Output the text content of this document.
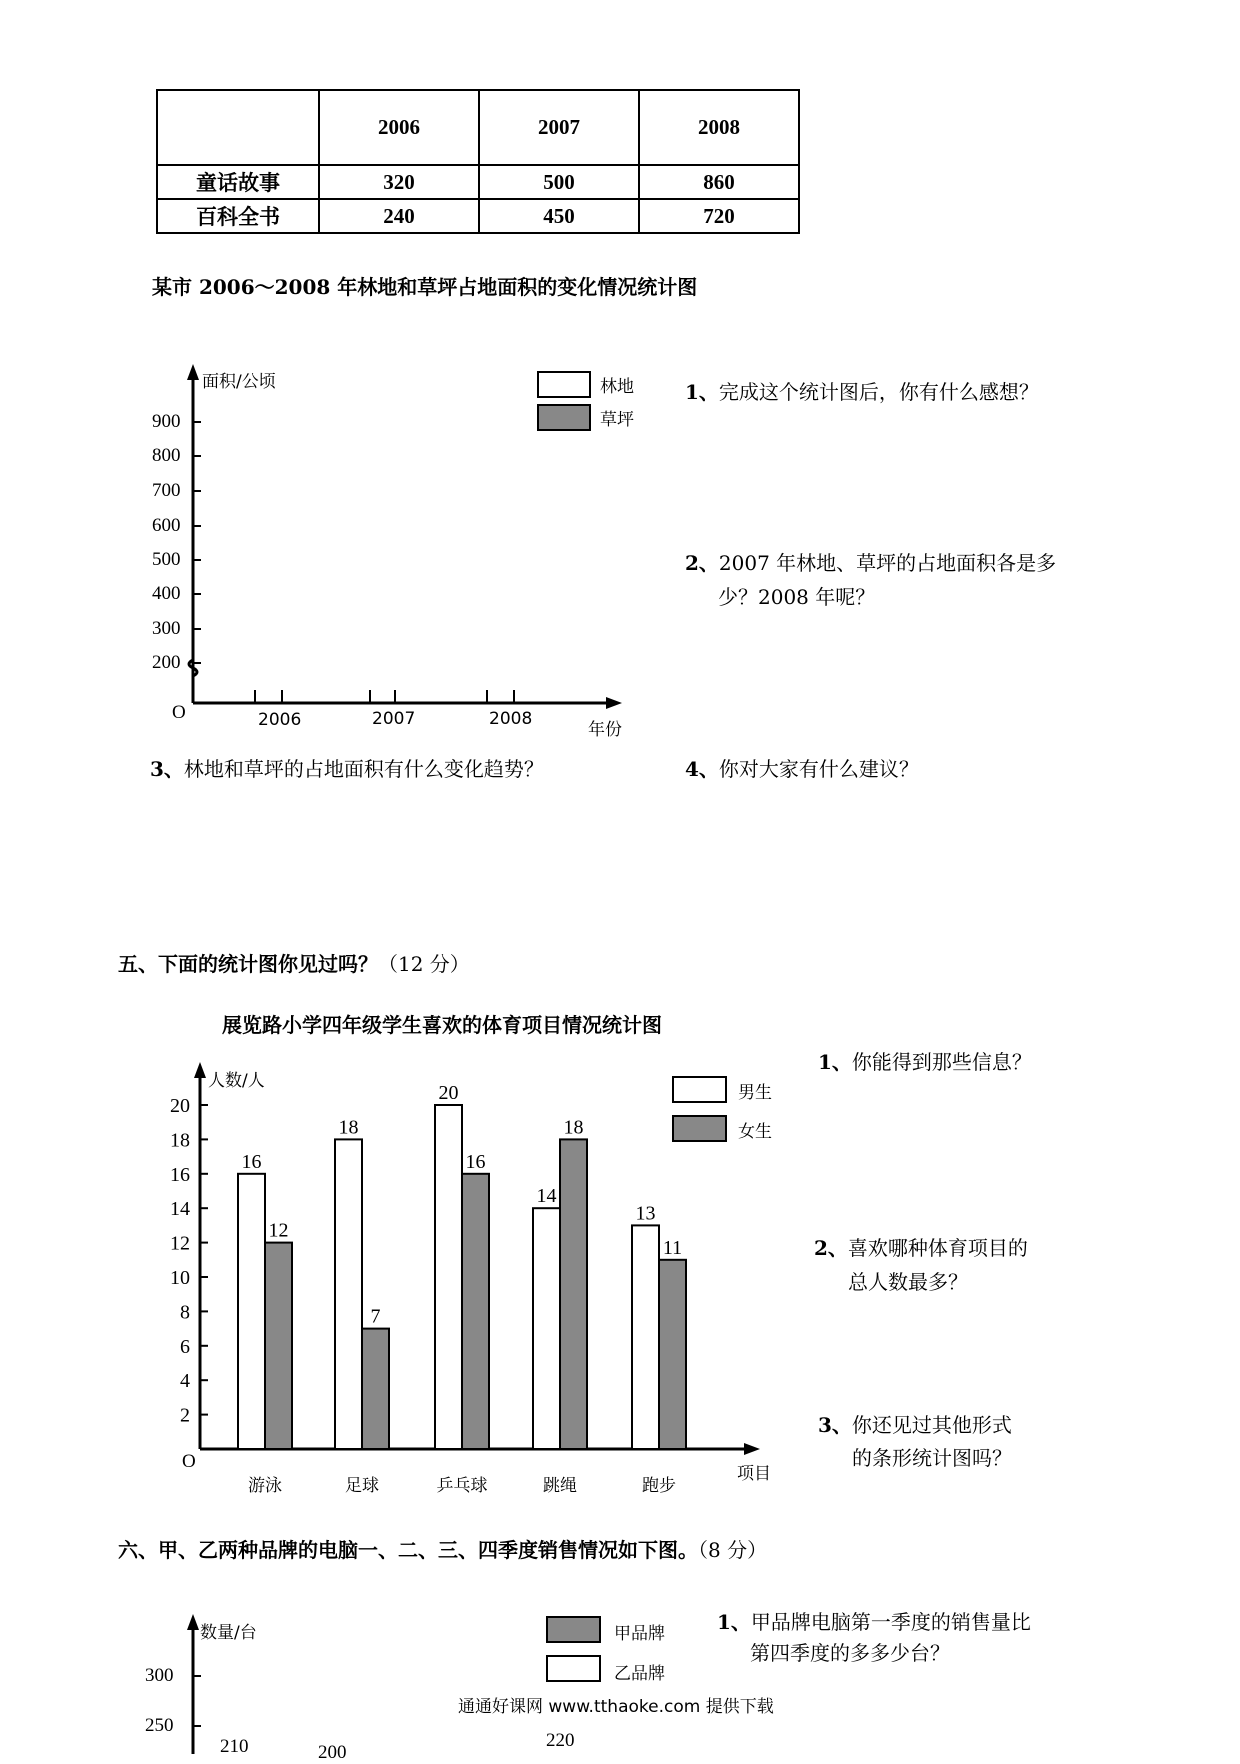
	2006	2007	2008
童话故事	320	500	860
百科全书	240	450	720
某市 2006～2008 年林地和草坪占地面积的变化情况统计图
面积/公顷
900
800
700
600
500
400
300
200
O	2006	2007	2008
年份
林地
草坪
1、完成这个统计图后，你有什么感想？
2、2007 年林地、草坪的占地面积各是多
少？2008 年呢？
3、林地和草坪的占地面积有什么变化趋势？	4、你对大家有什么建议？
五、下面的统计图你见过吗？（12 分）
展览路小学四年级学生喜欢的体育项目情况统计图
2
4
6
8
10
12
14
16
18
20
16
12
游泳
18
7
足球
20
16
乒乓球
14
18
跳绳
13
11
跑步
人数/人
O
项目
男生
女生
1、你能得到那些信息？
2、喜欢哪种体育项目的
总人数最多？
3、你还见过其他形式
的条形统计图吗？
六、甲、乙两种品牌的电脑一、二、三、四季度销售情况如下图。（8 分）
数量/台
300
250
甲品牌
乙品牌
210	200
220
1、甲品牌电脑第一季度的销售量比
第四季度的多多少台？
通通好课网 www.tthaoke.com 提供下载
